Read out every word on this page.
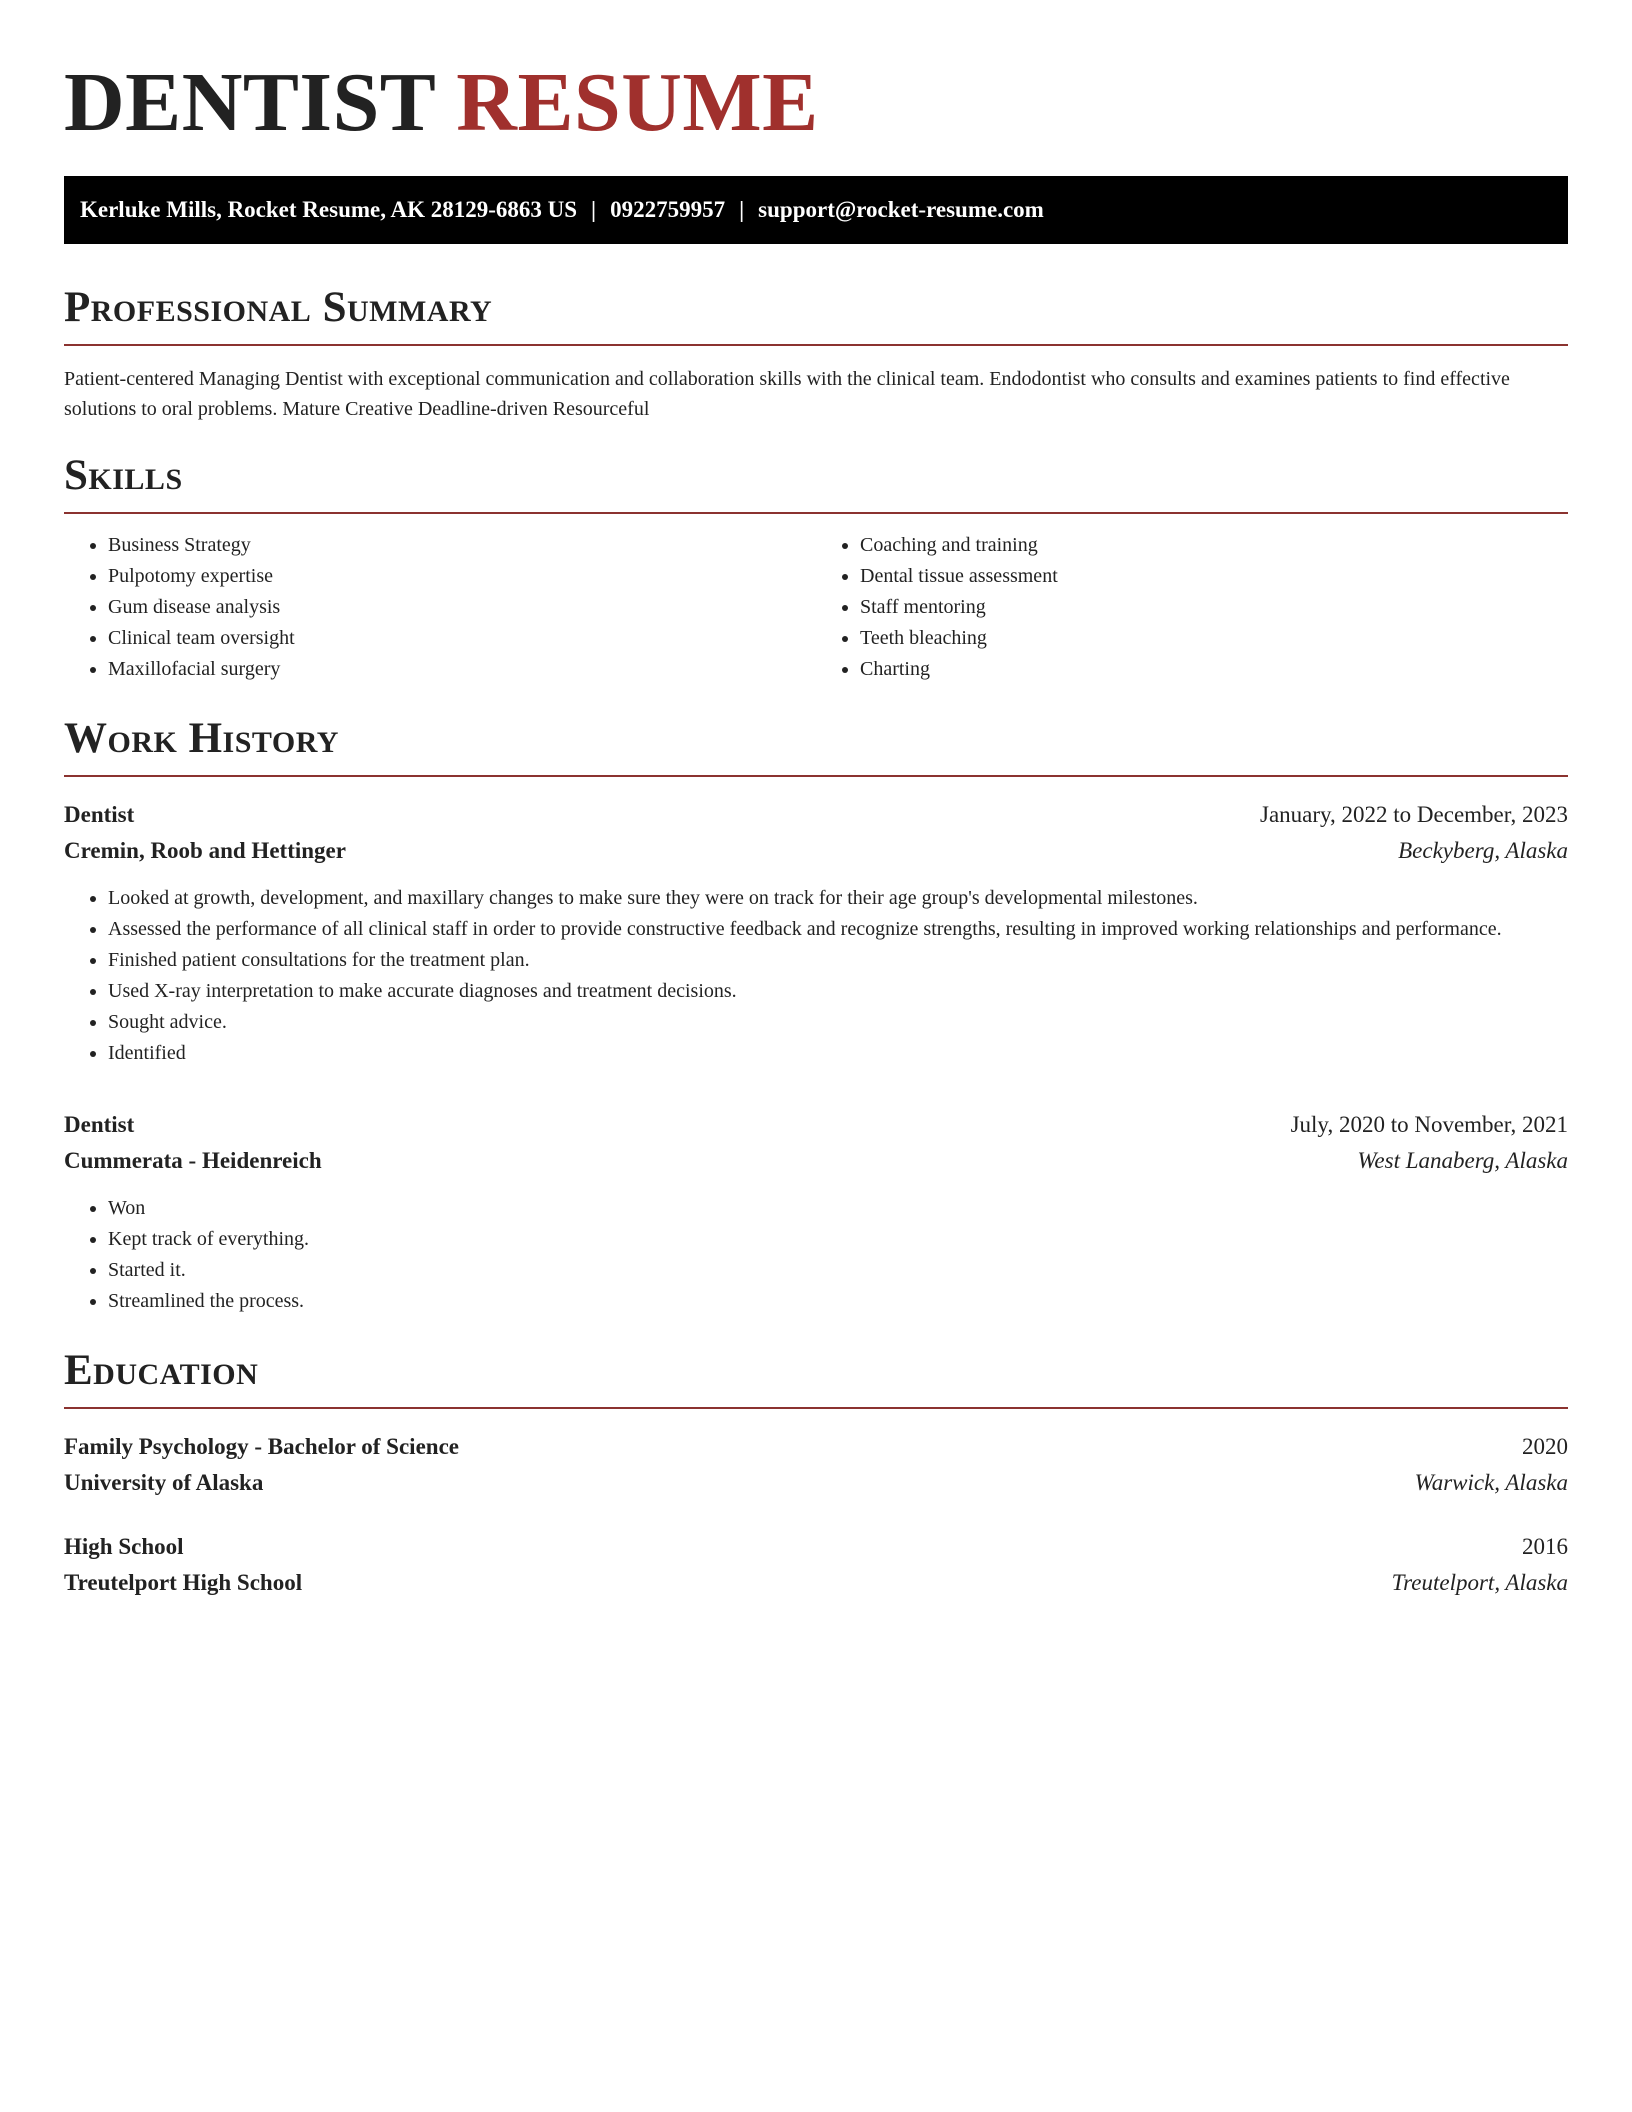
DENTIST RESUME
Kerluke Mills, Rocket Resume, AK 28129-6863 US | 0922759957 | support@rocket-resume.com
Professional Summary

Patient-centered Managing Dentist with exceptional communication and collaboration skills with the clinical team. Endodontist who consults and examines patients to find effective solutions to oral problems. Mature Creative Deadline-driven Resourceful

Skills
• Business Strategy
• Pulpotomy expertise
• Gum disease analysis
• Clinical team oversight
• Maxillofacial surgery
• Coaching and training
• Dental tissue assessment
• Staff mentoring
• Teeth bleaching
• Charting
Work History
Dentist	January, 2022 to December, 2023
Cremin, Roob and Hettinger	Beckyberg, Alaska
• Looked at growth, development, and maxillary changes to make sure they were on track for their age group's developmental milestones.
• Assessed the performance of all clinical staff in order to provide constructive feedback and recognize strengths, resulting in improved working relationships and performance.
• Finished patient consultations for the treatment plan.
• Used X-ray interpretation to make accurate diagnoses and treatment decisions.
• Sought advice.
• Identified
Dentist	July, 2020 to November, 2021
Cummerata - Heidenreich	West Lanaberg, Alaska
• Won
• Kept track of everything.
• Started it.
• Streamlined the process.
Education
Family Psychology - Bachelor of Science	2020
University of Alaska	Warwick, Alaska
High School	2016
Treutelport High School	Treutelport, Alaska
